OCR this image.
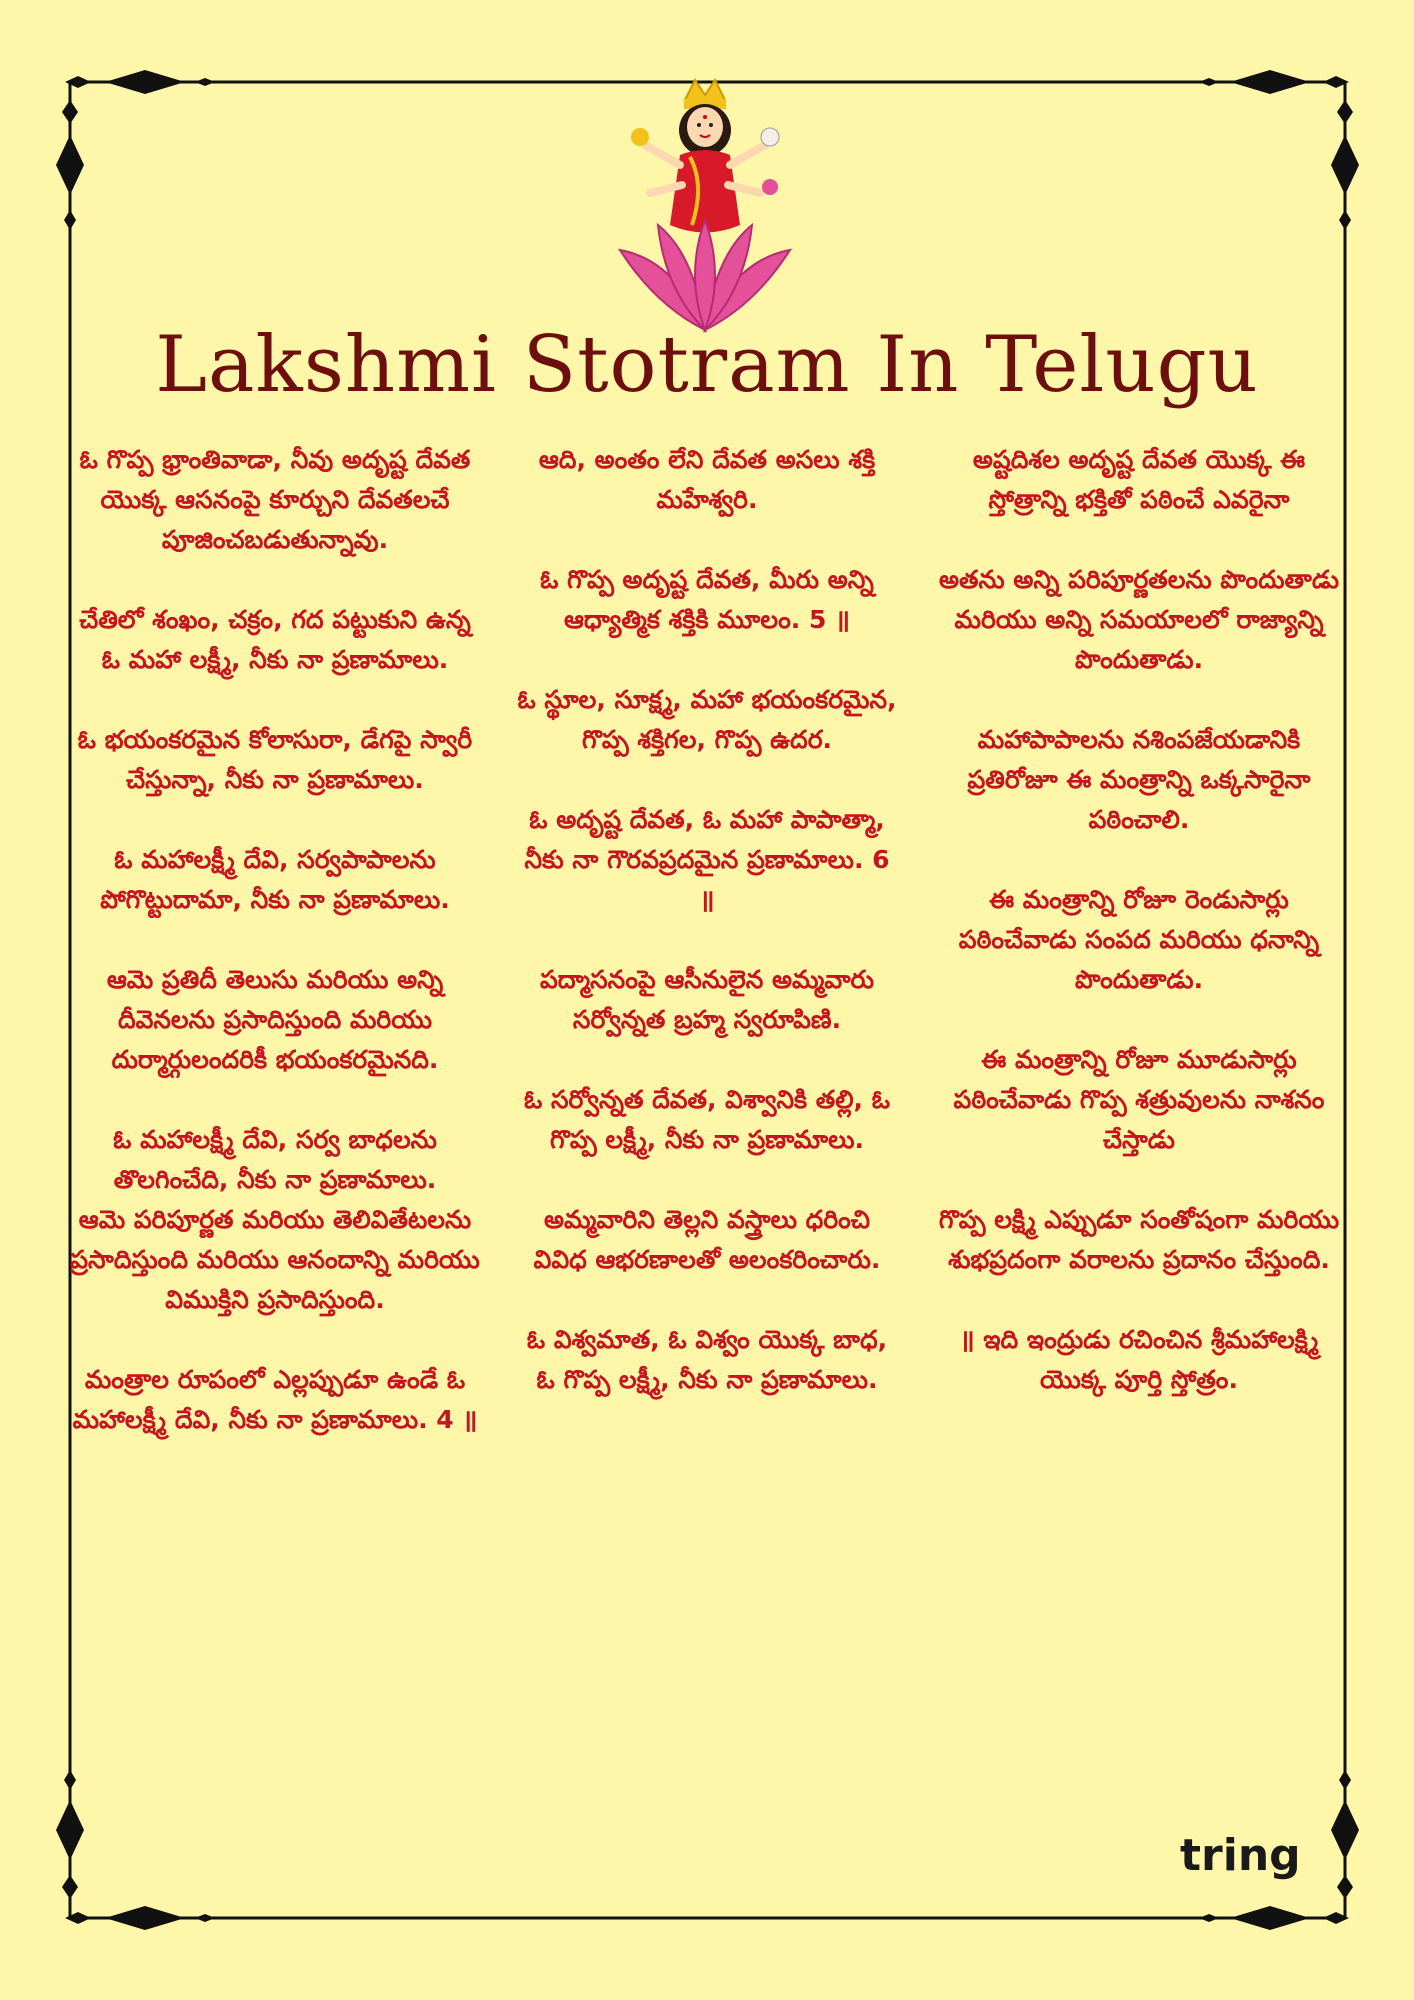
Lakshmi Stotram In Telugu

ఓ గొప్ప భ్రాంతివాడా, నీవు అదృష్ట దేవత యొక్క ఆసనంపై కూర్చుని దేవతలచే పూజించబడుతున్నావు.

చేతిలో శంఖం, చక్రం, గద పట్టుకుని ఉన్న ఓ మహా లక్ష్మీ, నీకు నా ప్రణామాలు.

ఓ భయంకరమైన కోలాసురా, డేగపై స్వారీ చేస్తున్నా, నీకు నా ప్రణామాలు.

ఓ మహాలక్ష్మీ దేవి, సర్వపాపాలను పోగొట్టుదామా, నీకు నా ప్రణామాలు.

ఆమె ప్రతిదీ తెలుసు మరియు అన్ని దీవెనలను ప్రసాదిస్తుంది మరియు దుర్మార్గులందరికీ భయంకరమైనది.

ఓ మహాలక్ష్మీ దేవి, సర్వ బాధలను తొలగించేది, నీకు నా ప్రణామాలు.

ఆమె పరిపూర్ణత మరియు తెలివితేటలను ప్రసాదిస్తుంది మరియు ఆనందాన్ని మరియు విముక్తిని ప్రసాదిస్తుంది.

మంత్రాల రూపంలో ఎల్లప్పుడూ ఉండే ఓ మహాలక్ష్మీ దేవి, నీకు నా ప్రణామాలు. 4 ॥

ఆది, అంతం లేని దేవత అసలు శక్తి మహేశ్వరి.

ఓ గొప్ప అదృష్ట దేవత, మీరు అన్ని ఆధ్యాత్మిక శక్తికి మూలం. 5 ॥

ఓ స్థూల, సూక్ష్మ, మహా భయంకరమైన, గొప్ప శక్తిగల, గొప్ప ఉదర.

ఓ అదృష్ట దేవత, ఓ మహా పాపాత్మా, నీకు నా గౌరవప్రదమైన ప్రణామాలు. 6 ॥

పద్మాసనంపై ఆసీనులైన అమ్మవారు సర్వోన్నత బ్రహ్మ స్వరూపిణి.

ఓ సర్వోన్నత దేవత, విశ్వానికి తల్లి, ఓ గొప్ప లక్ష్మీ, నీకు నా ప్రణామాలు.

అమ్మవారిని తెల్లని వస్త్రాలు ధరించి వివిధ ఆభరణాలతో అలంకరించారు.

ఓ విశ్వమాత, ఓ విశ్వం యొక్క బాధ, ఓ గొప్ప లక్ష్మీ, నీకు నా ప్రణామాలు.

అష్టదిశల అదృష్ట దేవత యొక్క ఈ స్తోత్రాన్ని భక్తితో పఠించే ఎవరైనా

అతను అన్ని పరిపూర్ణతలను పొందుతాడు మరియు అన్ని సమయాలలో రాజ్యాన్ని పొందుతాడు.

మహాపాపాలను నశింపజేయడానికి ప్రతిరోజూ ఈ మంత్రాన్ని ఒక్కసారైనా పఠించాలి.

ఈ మంత్రాన్ని రోజూ రెండుసార్లు పఠించేవాడు సంపద మరియు ధనాన్ని పొందుతాడు.

ఈ మంత్రాన్ని రోజూ మూడుసార్లు పఠించేవాడు గొప్ప శత్రువులను నాశనం చేస్తాడు

గొప్ప లక్ష్మి ఎప్పుడూ సంతోషంగా మరియు శుభప్రదంగా వరాలను ప్రదానం చేస్తుంది.

॥ ఇది ఇంద్రుడు రచించిన శ్రీమహాలక్ష్మి యొక్క పూర్తి స్తోత్రం.

tring
